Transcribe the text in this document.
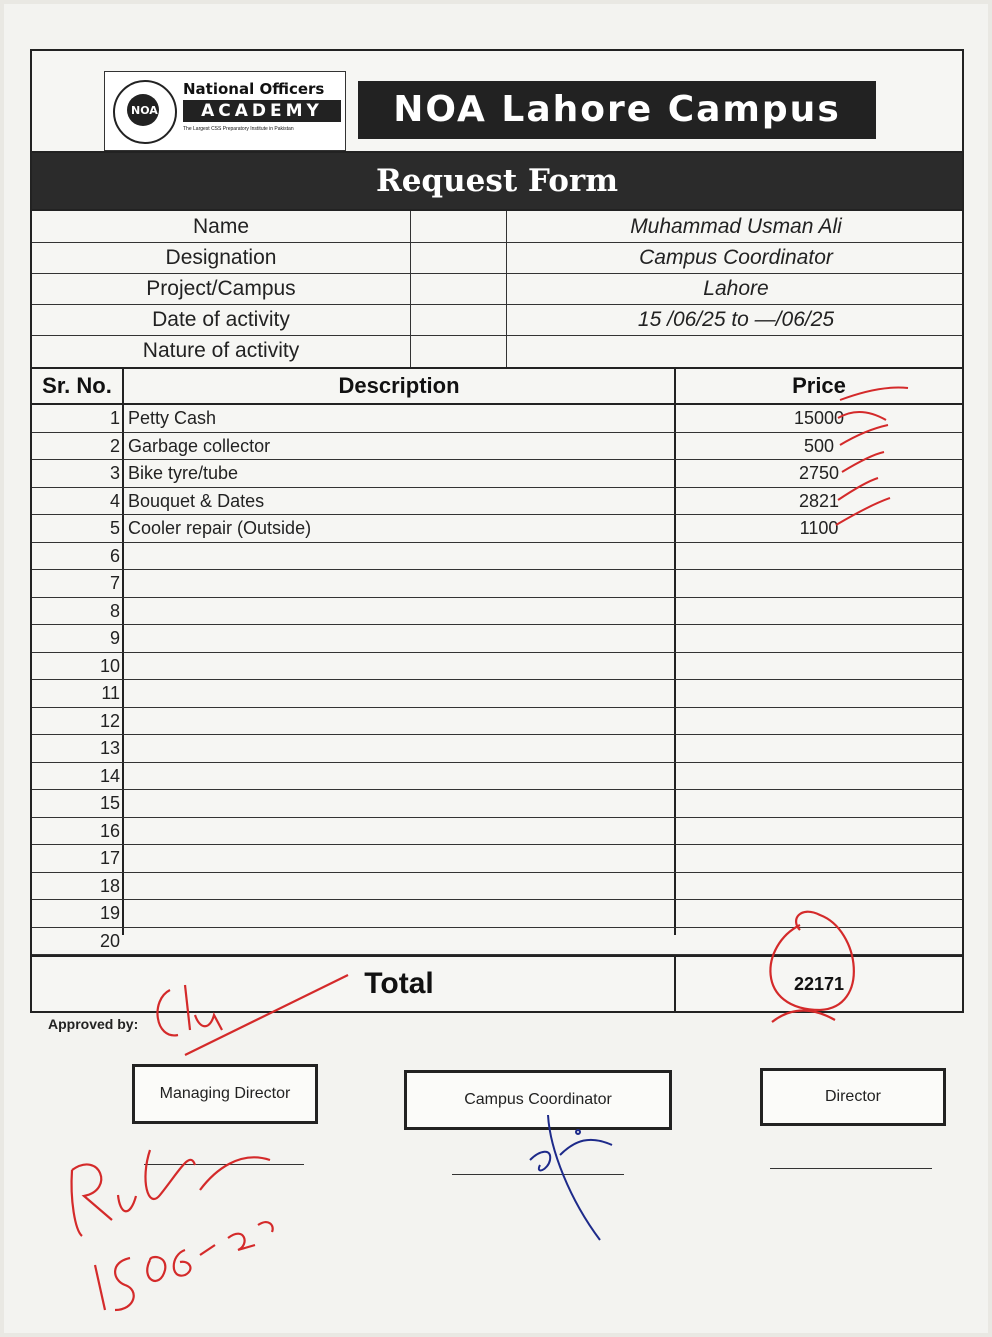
NOA
National Officers
ACADEMY
The Largest CSS Preparatory Institute in Pakistan	NOA Lahore Campus
Request Form
Name	Muhammad Usman Ali
Designation	Campus Coordinator
Project/Campus	Lahore
Date of activity	15 /06/25 to —/06/25
Nature of activity
Sr. No.	Description	Price
1 Petty Cash	15000
2 Garbage collector	500
3 Bike tyre/tube	2750
4 Bouquet & Dates	2821
5 Cooler repair (Outside)	1100
6
7
8
9
10
11
12
13
14
15
16
17
18
19
20
Total	22171
Approved by:
Managing Director	Campus Coordinator	Director
